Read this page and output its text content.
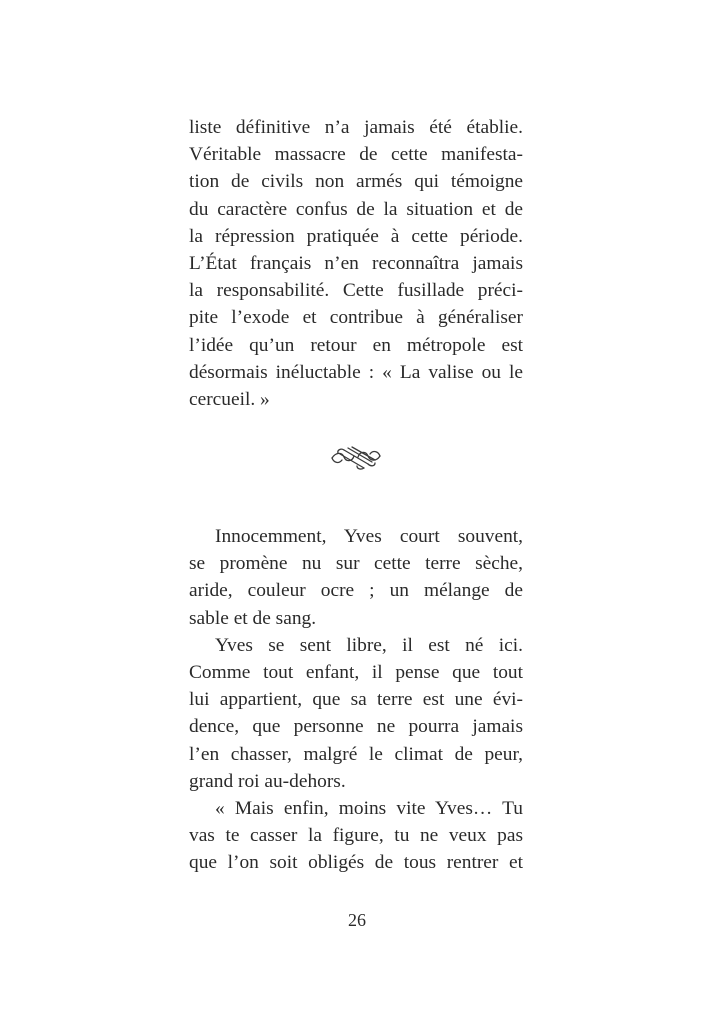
liste définitive n’a jamais été établie.
Véritable massacre de cette manifesta-
tion de civils non armés qui témoigne
du caractère confus de la situation et de
la répression pratiquée à cette période.
L’État français n’en reconnaîtra jamais
la responsabilité. Cette fusillade préci-
pite l’exode et contribue à généraliser
l’idée qu’un retour en métropole est
désormais inéluctable : « La valise ou le
cercueil. »
Innocemment, Yves court souvent,
se promène nu sur cette terre sèche,
aride, couleur ocre ; un mélange de
sable et de sang.
Yves se sent libre, il est né ici.
Comme tout enfant, il pense que tout
lui appartient, que sa terre est une évi-
dence, que personne ne pourra jamais
l’en chasser, malgré le climat de peur,
grand roi au-dehors.
« Mais enfin, moins vite Yves… Tu
vas te casser la figure, tu ne veux pas
que l’on soit obligés de tous rentrer et
26
